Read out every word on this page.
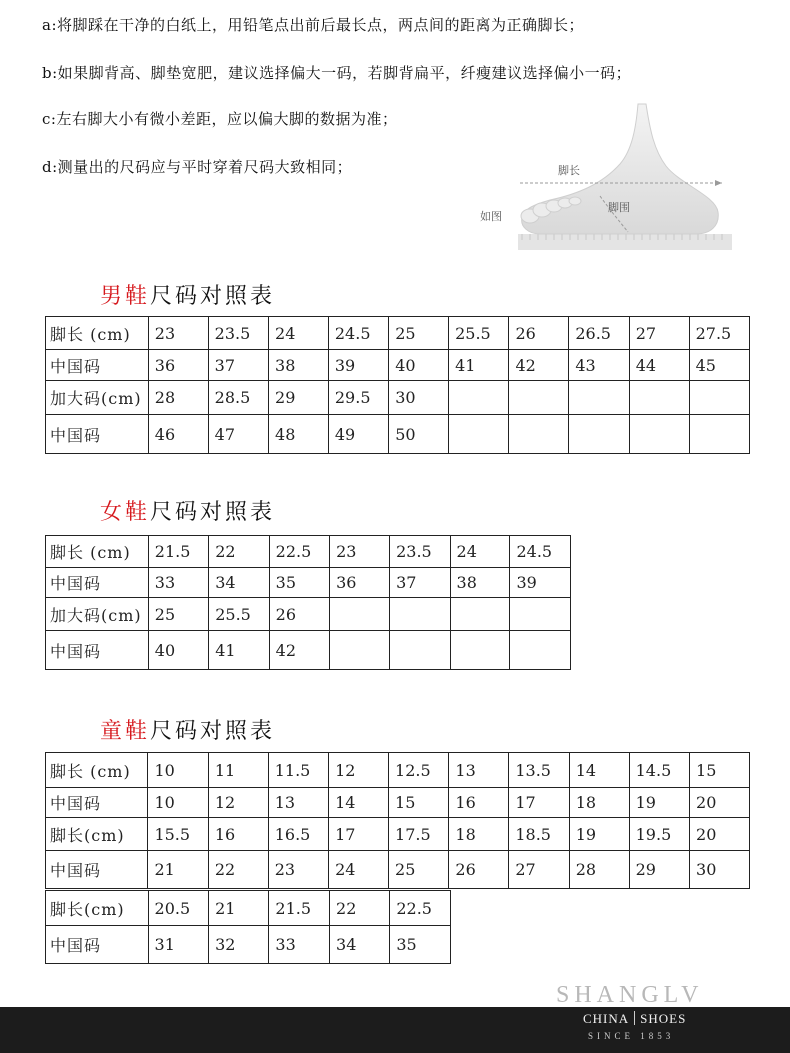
a:将脚踩在干净的白纸上，用铅笔点出前后最长点，两点间的距离为正确脚长；
b:如果脚背高、脚垫宽肥，建议选择偏大一码，若脚背扁平，纤瘦建议选择偏小一码；
c:左右脚大小有微小差距，应以偏大脚的数据为准；
d:测量出的尺码应与平时穿着尺码大致相同；	脚长
脚围
如图
男鞋尺码对照表
脚长 (cm)	23	23.5	24	24.5	25	25.5	26	26.5	27	27.5
中国码	36	37	38	39	40	41	42	43	44	45
加大码(cm)	28	28.5	29	29.5	30					
中国码	46	47	48	49	50					
女鞋尺码对照表
脚长 (cm)	21.5	22	22.5	23	23.5	24	24.5
中国码	33	34	35	36	37	38	39
加大码(cm)	25	25.5	26				
中国码	40	41	42				
童鞋尺码对照表
脚长 (cm)	10	11	11.5	12	12.5	13	13.5	14	14.5	15
中国码	10	12	13	14	15	16	17	18	19	20
脚长(cm)	15.5	16	16.5	17	17.5	18	18.5	19	19.5	20
中国码	21	22	23	24	25	26	27	28	29	30
脚长(cm)	20.5	21	21.5	22	22.5
中国码	31	32	33	34	35
SHANGLV
CHINA SHOES
SINCE 1853
